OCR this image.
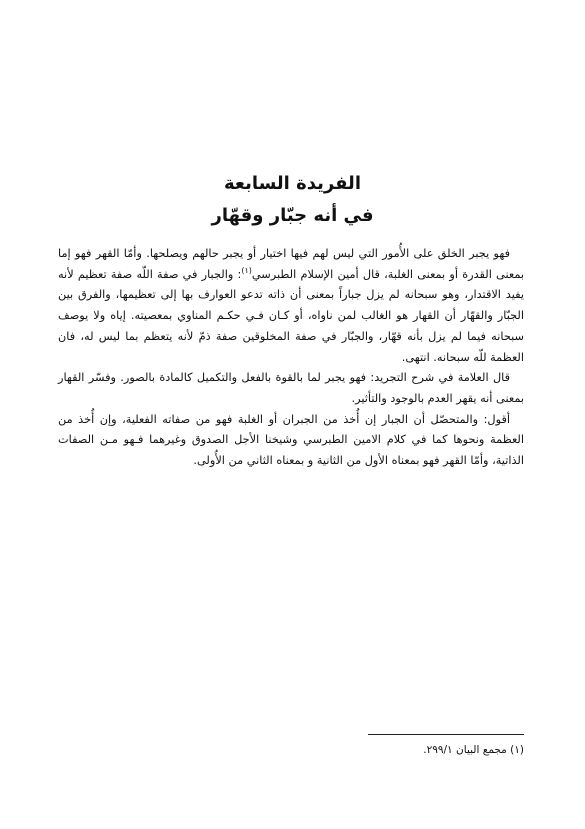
الفريدة السابعة

في أنه جبّار وقهّار

فهو يجبر الخلق على الأُمور التي ليس لهم فيها اختيار أو يجبر حالهم ويصلحها. وأمّا القهر فهو إما بمعنى القدرة أو بمعنى الغلبة، قال أمين الإسلام الطبرسي$^{(١)}$: والجبار في صفة اللّه صفة تعظيم لأنه يفيد الاقتدار، وهو سبحانه لم يزل جباراً بمعنى أن ذاته تدعو العوارف بها إلى تعظيمها، والفرق بين الجبّار والقهّار أن القهار هو الغالب لمن ناواه، أو كـان فـي حكـم المناوي بمعصيته. إياه ولا يوصف سبحانه فيما لم يزل بأنه قهّار، والجبّار في صفة المخلوقين صفة ذمّ لأنه يتعظم بما ليس له، فان العظمة للّه سبحانه. انتهى.

قال العلامة في شرح التجريد: فهو يجبر لما بالقوة بالفعل والتكميل كالمادة بالصور. وفسّر القهار بمعنى أنه يقهر العدم بالوجود والتأثير.

أقول: والمتحصّل أن الجبار إن أُخذ من الجبران أو الغلبة فهو من صفاته الفعلية، وإن أُخذ من العظمة ونحوها كما في كلام الامين الطبرسي وشيخنا الأجل الصدوق وغيرهما فـهو مـن الصفات الذاتية، وأمّا القهر فهو بمعناه الأول من الثانية و بمعناه الثاني من الأُولى.

(١) مجمع البيان ٢٩٩/١.
